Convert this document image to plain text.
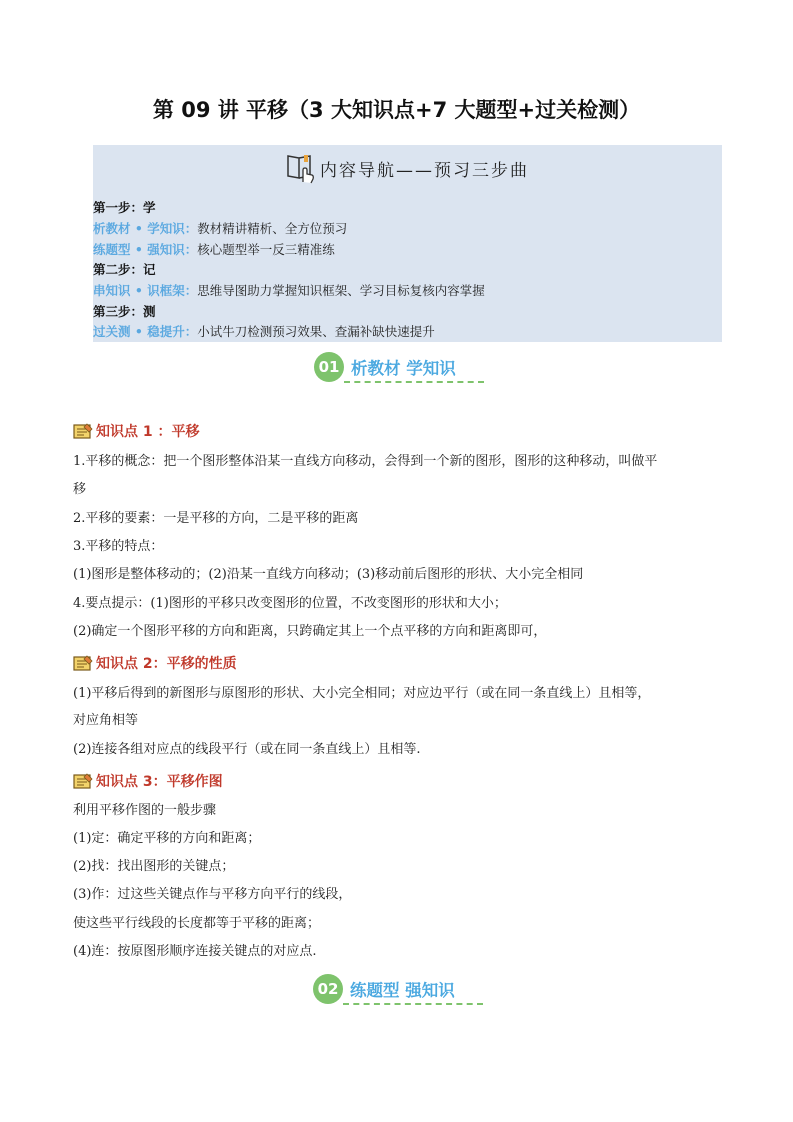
第 09 讲 平移（3 大知识点+7 大题型+过关检测）
内容导航——预习三步曲
第一步：学
析教材 • 学知识：教材精讲精析、全方位预习
练题型 • 强知识：核心题型举一反三精准练
第二步：记
串知识 • 识框架：思维导图助力掌握知识框架、学习目标复核内容掌握
第三步：测
过关测 • 稳提升：小试牛刀检测预习效果、查漏补缺快速提升
01 析教材 学知识
知识点 1 ：平移
1.平移的概念：把一个图形整体沿某一直线方向移动，会得到一个新的图形，图形的这种移动，叫做平
移
2.平移的要素：一是平移的方向，二是平移的距离
3.平移的特点：
(1)图形是整体移动的；(2)沿某一直线方向移动；(3)移动前后图形的形状、大小完全相同
4.要点提示：(1)图形的平移只改变图形的位置，不改变图形的形状和大小；
(2)确定一个图形平移的方向和距离，只跨确定其上一个点平移的方向和距离即可，
知识点 2：平移的性质
(1)平移后得到的新图形与原图形的形状、大小完全相同；对应边平行（或在同一条直线上）且相等，
对应角相等
(2)连接各组对应点的线段平行（或在同一条直线上）且相等.
知识点 3：平移作图
利用平移作图的一般步骤
(1)定：确定平移的方向和距离；
(2)找：找出图形的关键点；
(3)作：过这些关键点作与平移方向平行的线段，
使这些平行线段的长度都等于平移的距离；
(4)连：按原图形顺序连接关键点的对应点.
02 练题型 强知识
